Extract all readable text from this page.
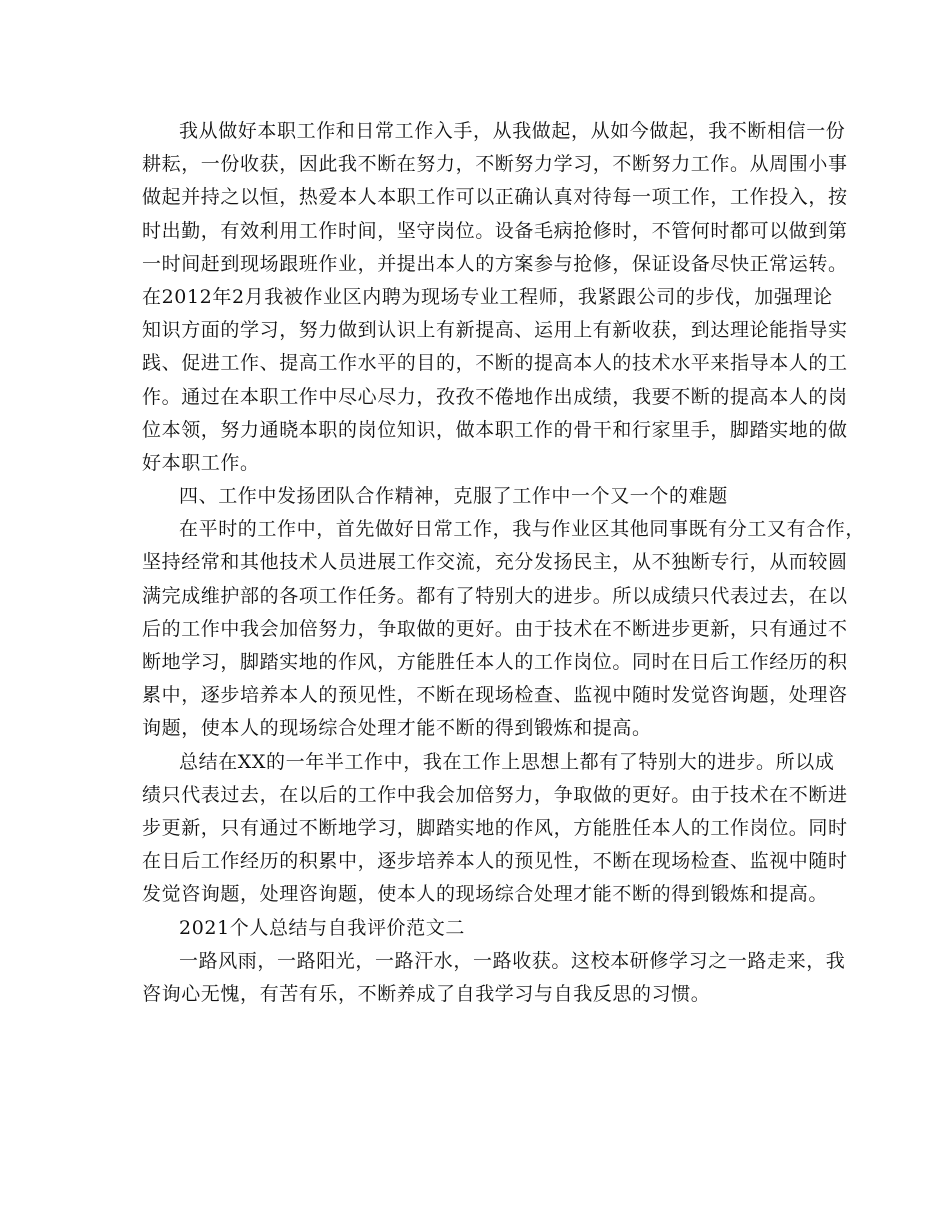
我从做好本职工作和日常工作入手，从我做起，从如今做起，我不断相信一份
耕耘，一份收获，因此我不断在努力，不断努力学习，不断努力工作。从周围小事
做起并持之以恒，热爱本人本职工作可以正确认真对待每一项工作，工作投入，按
时出勤，有效利用工作时间，坚守岗位。设备毛病抢修时，不管何时都可以做到第
一时间赶到现场跟班作业，并提出本人的方案参与抢修，保证设备尽快正常运转。
在2012年2月我被作业区内聘为现场专业工程师，我紧跟公司的步伐，加强理论
知识方面的学习，努力做到认识上有新提高、运用上有新收获，到达理论能指导实
践、促进工作、提高工作水平的目的，不断的提高本人的技术水平来指导本人的工
作。通过在本职工作中尽心尽力，孜孜不倦地作出成绩，我要不断的提高本人的岗
位本领，努力通晓本职的岗位知识，做本职工作的骨干和行家里手，脚踏实地的做
好本职工作。
四、工作中发扬团队合作精神，克服了工作中一个又一个的难题
在平时的工作中，首先做好日常工作，我与作业区其他同事既有分工又有合作，
坚持经常和其他技术人员进展工作交流，充分发扬民主，从不独断专行，从而较圆
满完成维护部的各项工作任务。都有了特别大的进步。所以成绩只代表过去，在以
后的工作中我会加倍努力，争取做的更好。由于技术在不断进步更新，只有通过不
断地学习，脚踏实地的作风，方能胜任本人的工作岗位。同时在日后工作经历的积
累中，逐步培养本人的预见性，不断在现场检查、监视中随时发觉咨询题，处理咨
询题，使本人的现场综合处理才能不断的得到锻炼和提高。
总结在XX的一年半工作中，我在工作上思想上都有了特别大的进步。所以成
绩只代表过去，在以后的工作中我会加倍努力，争取做的更好。由于技术在不断进
步更新，只有通过不断地学习，脚踏实地的作风，方能胜任本人的工作岗位。同时
在日后工作经历的积累中，逐步培养本人的预见性，不断在现场检查、监视中随时
发觉咨询题，处理咨询题，使本人的现场综合处理才能不断的得到锻炼和提高。
2021个人总结与自我评价范文二
一路风雨，一路阳光，一路汗水，一路收获。这校本研修学习之一路走来，我
咨询心无愧，有苦有乐，不断养成了自我学习与自我反思的习惯。
